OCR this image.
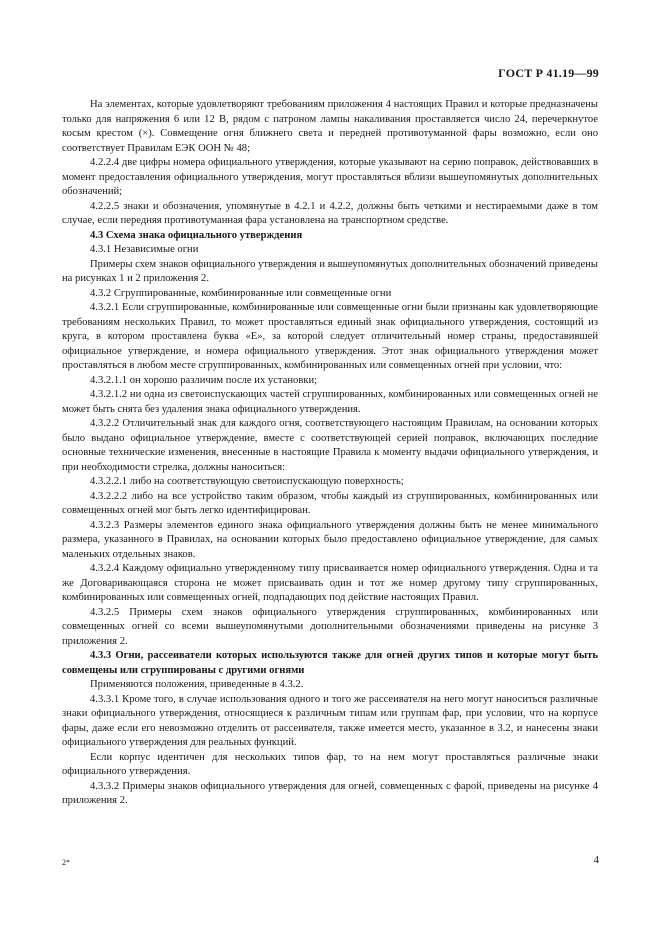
ГОСТ Р 41.19—99

На элементах, которые удовлетворяют требованиям приложения 4 настоящих Правил и которые предназначены только для напряжения 6 или 12 В, рядом с патроном лампы накаливания проставляется число 24, перечеркнутое косым крестом (×). Совмещение огня ближнего света и передней противотуманной фары возможно, если оно соответствует Правилам ЕЭК ООН № 48;

4.2.2.4 две цифры номера официального утверждения, которые указывают на серию поправок, действовавших в момент предоставления официального утверждения, могут проставляться вблизи вышеупомянутых дополнительных обозначений;

4.2.2.5 знаки и обозначения, упомянутые в 4.2.1 и 4.2.2, должны быть четкими и нестираемыми даже в том случае, если передняя противотуманная фара установлена на транспортном средстве.

4.3 Схема знака официального утверждения

4.3.1 Независимые огни

Примеры схем знаков официального утверждения и вышеупомянутых дополнительных обозначений приведены на рисунках 1 и 2 приложения 2.

4.3.2 Сгруппированные, комбинированные или совмещенные огни

4.3.2.1 Если сгруппированные, комбинированные или совмещенные огни были признаны как удовлетворяющие требованиям нескольких Правил, то может проставляться единый знак официального утверждения, состоящий из круга, в котором проставлена буква «Е», за которой следует отличительный номер страны, предоставившей официальное утверждение, и номера официального утверждения. Этот знак официального утверждения может проставляться в любом месте сгруппированных, комбинированных или совмещенных огней при условии, что:

4.3.2.1.1 он хорошо различим после их установки;

4.3.2.1.2 ни одна из светоиспускающих частей сгруппированных, комбинированных или совмещенных огней не может быть снята без удаления знака официального утверждения.

4.3.2.2 Отличительный знак для каждого огня, соответствующего настоящим Правилам, на основании которых было выдано официальное утверждение, вместе с соответствующей серией поправок, включающих последние основные технические изменения, внесенные в настоящие Правила к моменту выдачи официального утверждения, и при необходимости стрелка, должны наноситься:

4.3.2.2.1 либо на соответствующую светоиспускающую поверхность;

4.3.2.2.2 либо на все устройство таким образом, чтобы каждый из сгруппированных, комбинированных или совмещенных огней мог быть легко идентифицирован.

4.3.2.3 Размеры элементов единого знака официального утверждения должны быть не менее минимального размера, указанного в Правилах, на основании которых было предоставлено официальное утверждение, для самых маленьких отдельных знаков.

4.3.2.4 Каждому официально утвержденному типу присваивается номер официального утверждения. Одна и та же Договаривающаяся сторона не может присваивать один и тот же номер другому типу сгруппированных, комбинированных или совмещенных огней, подпадающих под действие настоящих Правил.

4.3.2.5 Примеры схем знаков официального утверждения сгруппированных, комбинированных или совмещенных огней со всеми вышеупомянутыми дополнительными обозначениями приведены на рисунке 3 приложения 2.

4.3.3 Огни, рассеиватели которых используются также для огней других типов и которые могут быть совмещены или сгруппированы с другими огнями

Применяются положения, приведенные в 4.3.2.

4.3.3.1 Кроме того, в случае использования одного и того же рассеивателя на него могут наноситься различные знаки официального утверждения, относящиеся к различным типам или группам фар, при условии, что на корпусе фары, даже если его невозможно отделить от рассеивателя, также имеется место, указанное в 3.2, и нанесены знаки официального утверждения для реальных функций.

Если корпус идентичен для нескольких типов фар, то на нем могут проставляться различные знаки официального утверждения.

4.3.3.2 Примеры знаков официального утверждения для огней, совмещенных с фарой, приведены на рисунке 4 приложения 2.

2*	4
